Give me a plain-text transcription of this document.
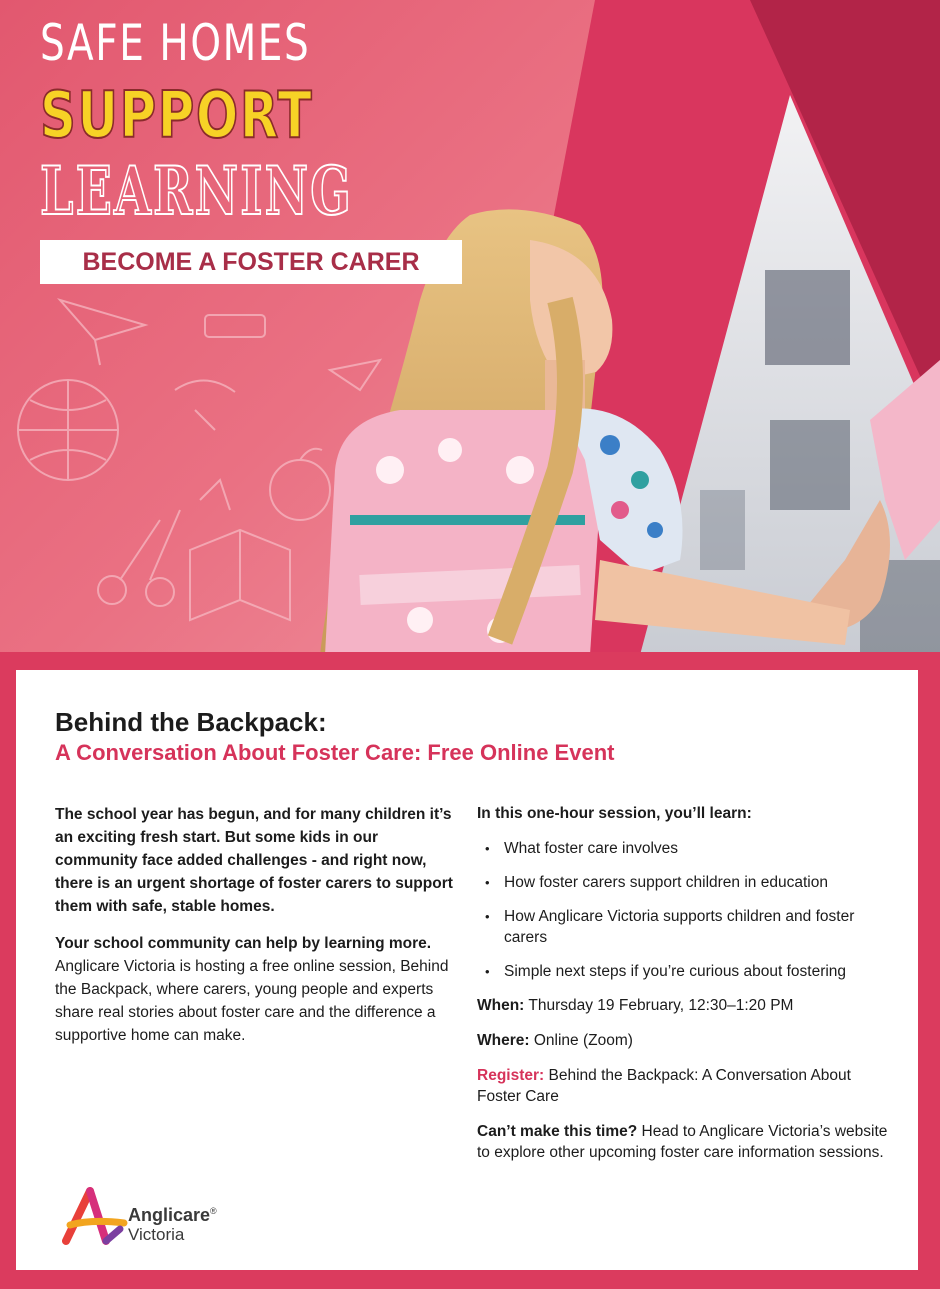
SAFE HOMES
SUPPORT
LEARNING
BECOME A FOSTER CARER
Behind the Backpack:
A Conversation About Foster Care: Free Online Event

The school year has begun, and for many children it’s an exciting fresh start. But some kids in our community face added challenges - and right now, there is an urgent shortage of foster carers to support them with safe, stable homes.

Your school community can help by learning more. Anglicare Victoria is hosting a free online session, Behind the Backpack, where carers, young people and experts share real stories about foster care and the difference a supportive home can make.

In this one-hour session, you’ll learn:

• What foster care involves
• How foster carers support children in education
• How Anglicare Victoria supports children and foster carers
• Simple next steps if you’re curious about fostering

When: Thursday 19 February, 12:30–1:20 PM

Where: Online (Zoom)

Register: Behind the Backpack: A Conversation About Foster Care

Can’t make this time? Head to Anglicare Victoria’s website to explore other upcoming foster care information sessions.

Anglicare®
Victoria
